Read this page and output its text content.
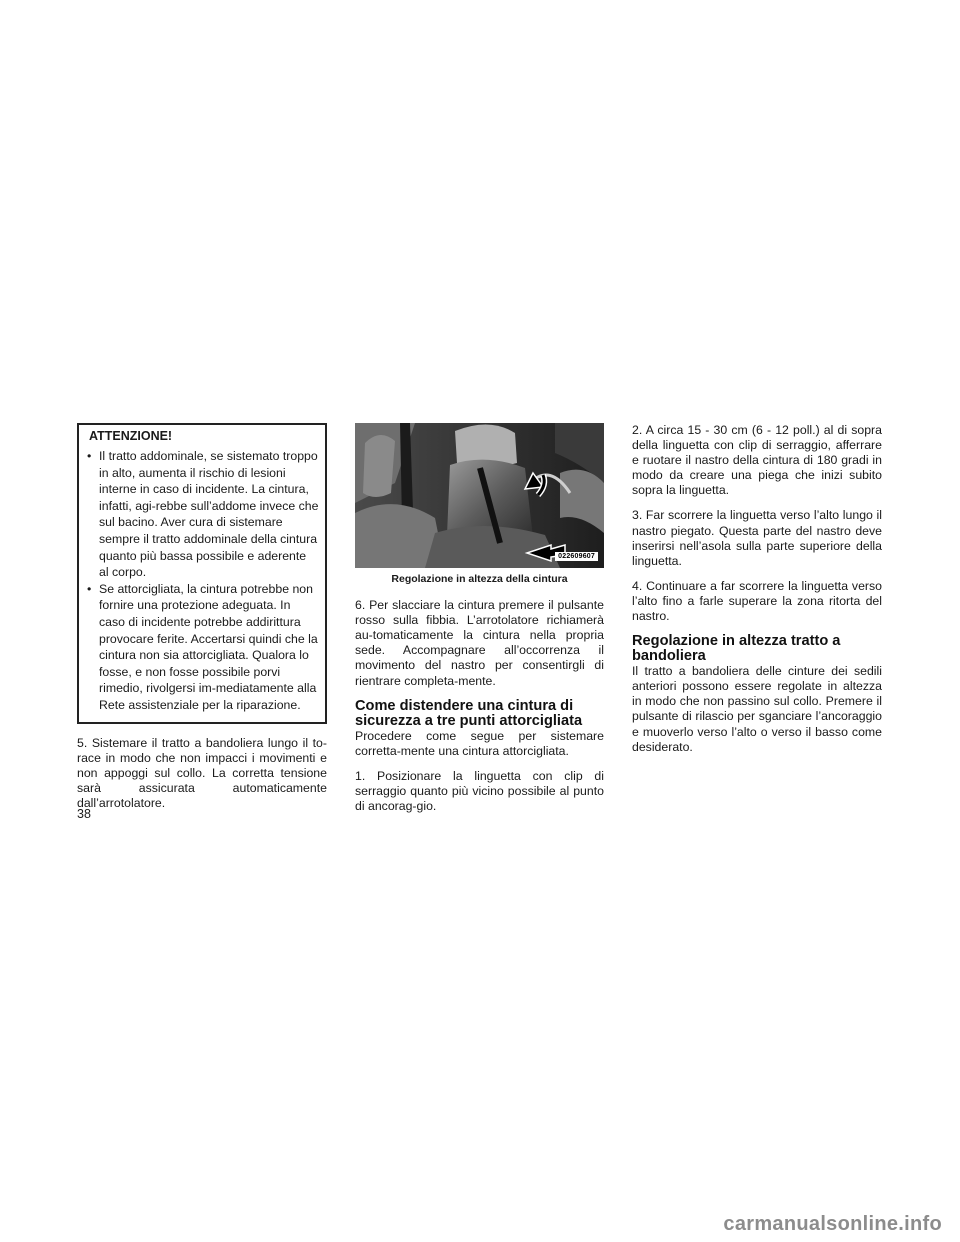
ATTENZIONE!
• Il tratto addominale, se sistemato troppo in alto, aumenta il rischio di lesioni interne in caso di incidente. La cintura, infatti, agi-rebbe sull’addome invece che sul bacino. Aver cura di sistemare sempre il tratto addominale della cintura quanto più bassa possibile e aderente al corpo.
• Se attorcigliata, la cintura potrebbe non fornire una protezione adeguata. In caso di incidente potrebbe addirittura provocare ferite. Accertarsi quindi che la cintura non sia attorcigliata. Qualora lo fosse, e non fosse possibile porvi rimedio, rivolgersi im-mediatamente alla Rete assistenziale per la riparazione.

5. Sistemare il tratto a bandoliera lungo il to-race in modo che non impacci i movimenti e non appoggi sul collo. La corretta tensione sarà assicurata automaticamente dall’arrotolatore.

022609607
Regolazione in altezza della cintura

6. Per slacciare la cintura premere il pulsante rosso sulla fibbia. L’arrotolatore richiamerà au-tomaticamente la cintura nella propria sede. Accompagnare all’occorrenza il movimento del nastro per consentirgli di rientrare completa-mente.

Come distendere una cintura di sicurezza a tre punti attorcigliata

Procedere come segue per sistemare corretta-mente una cintura attorcigliata.

1. Posizionare la linguetta con clip di serraggio quanto più vicino possibile al punto di ancorag-gio.

2. A circa 15 - 30 cm (6 - 12 poll.) al di sopra della linguetta con clip di serraggio, afferrare e ruotare il nastro della cintura di 180 gradi in modo da creare una piega che inizi subito sopra la linguetta.

3. Far scorrere la linguetta verso l’alto lungo il nastro piegato. Questa parte del nastro deve inserirsi nell’asola sulla parte superiore della linguetta.

4. Continuare a far scorrere la linguetta verso l’alto fino a farle superare la zona ritorta del nastro.

Regolazione in altezza tratto a bandoliera

Il tratto a bandoliera delle cinture dei sedili anteriori possono essere regolate in altezza in modo che non passino sul collo. Premere il pulsante di rilascio per sganciare l’ancoraggio e muoverlo verso l’alto o verso il basso come desiderato.

38
carmanualsonline.info
